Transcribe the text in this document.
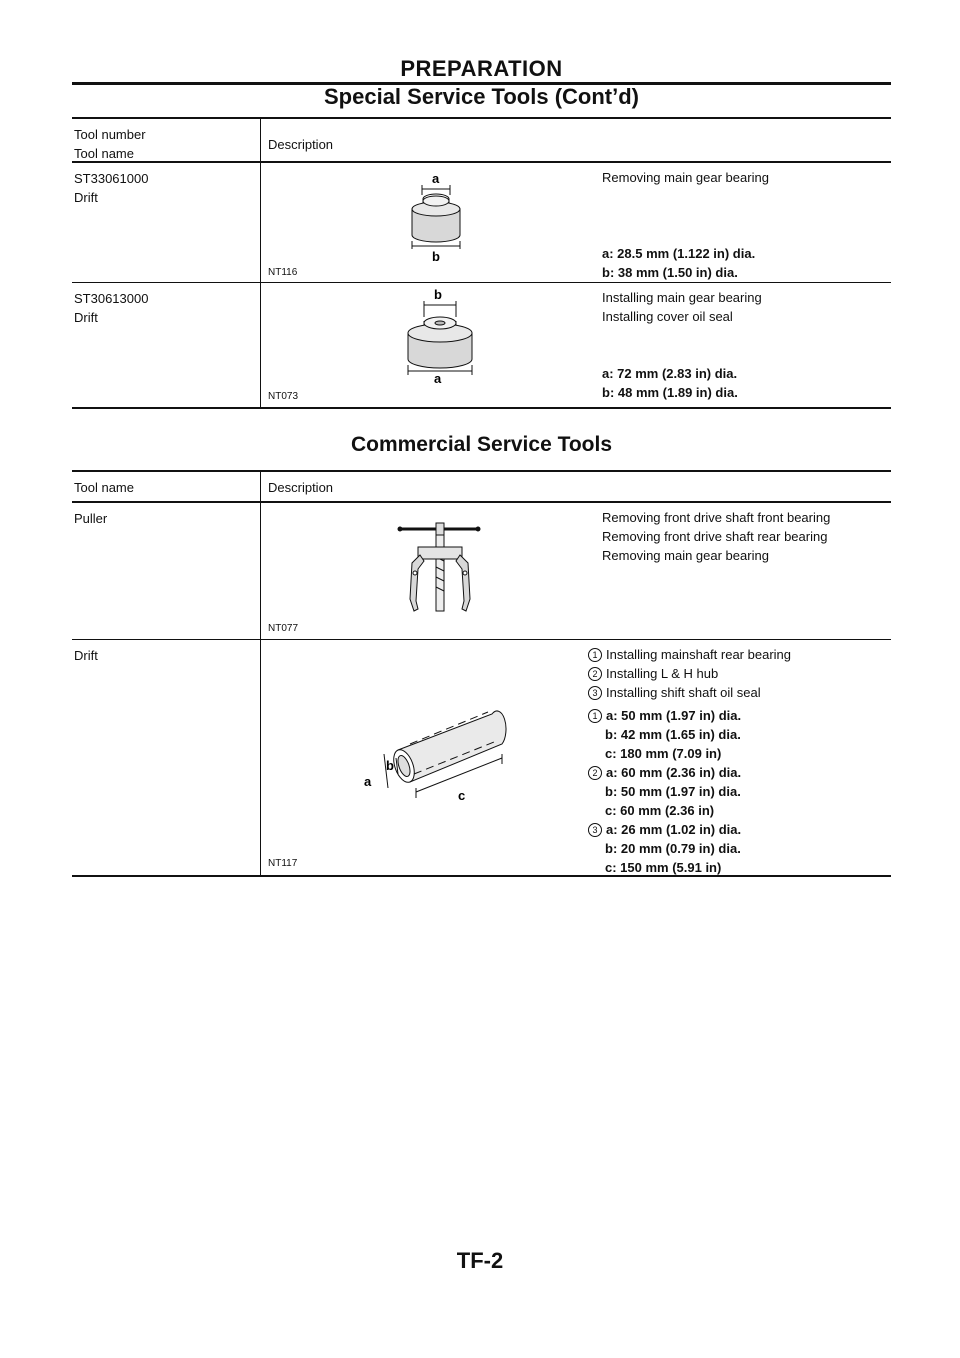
PREPARATION
Special Service Tools (Cont’d)
Tool number
Tool name
Description
ST33061000
Drift
a
b
NT116
Removing main gear bearing
a: 28.5 mm (1.122 in) dia.
b: 38 mm (1.50 in) dia.
ST30613000
Drift
b
a
NT073
Installing main gear bearing
Installing cover oil seal
a: 72 mm (2.83 in) dia.
b: 48 mm (1.89 in) dia.
Commercial Service Tools
Tool name	Description
Puller
NT077
Removing front drive shaft front bearing
Removing front drive shaft rear bearing
Removing main gear bearing
Drift
c
a
b
NT117
1 Installing mainshaft rear bearing
2 Installing L & H hub
3 Installing shift shaft oil seal
1 a: 50 mm (1.97 in) dia.
b: 42 mm (1.65 in) dia.
c: 180 mm (7.09 in)
2 a: 60 mm (2.36 in) dia.
b: 50 mm (1.97 in) dia.
c: 60 mm (2.36 in)
3 a: 26 mm (1.02 in) dia.
b: 20 mm (0.79 in) dia.
c: 150 mm (5.91 in)
TF-2
